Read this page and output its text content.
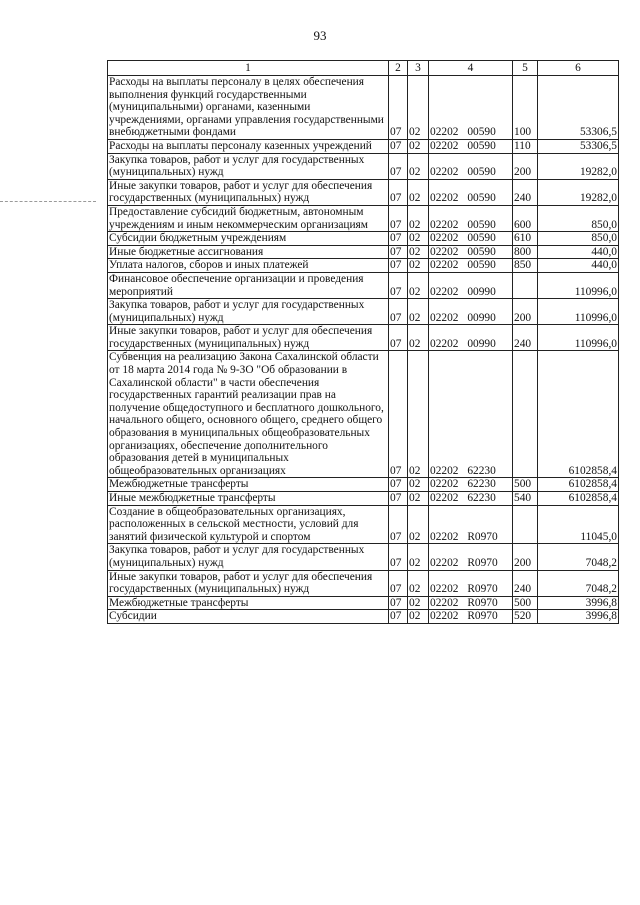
93
1	2	3	4	5	6
Расходы на выплаты персоналу в целях обеспечения выполнения функций государственными (муниципальными) органами, казенными учреждениями, органами управления государственными внебюджетными фондами	07	02	02202 00590	100	53306,5
Расходы на выплаты персоналу казенных учреждений	07	02	02202 00590	110	53306,5
Закупка товаров, работ и услуг для государственных (муниципальных) нужд	07	02	02202 00590	200	19282,0
Иные закупки товаров, работ и услуг для обеспечения государственных (муниципальных) нужд	07	02	02202 00590	240	19282,0
Предоставление субсидий бюджетным, автономным учреждениям и иным некоммерческим организациям	07	02	02202 00590	600	850,0
Субсидии бюджетным учреждениям	07	02	02202 00590	610	850,0
Иные бюджетные ассигнования	07	02	02202 00590	800	440,0
Уплата налогов, сборов и иных платежей	07	02	02202 00590	850	440,0
Финансовое обеспечение организации и проведения мероприятий	07	02	02202 00990		110996,0
Закупка товаров, работ и услуг для государственных (муниципальных) нужд	07	02	02202 00990	200	110996,0
Иные закупки товаров, работ и услуг для обеспечения государственных (муниципальных) нужд	07	02	02202 00990	240	110996,0
Субвенция на реализацию Закона Сахалинской области от 18 марта 2014 года № 9-ЗО "Об образовании в Сахалинской области" в части обеспечения государственных гарантий реализации прав на получение общедоступного и бесплатного дошкольного, начального общего, основного общего, среднего общего образования в муниципальных общеобразовательных организациях, обеспечение дополнительного образования детей в муниципальных общеобразовательных организациях	07	02	02202 62230		6102858,4
Межбюджетные трансферты	07	02	02202 62230	500	6102858,4
Иные межбюджетные трансферты	07	02	02202 62230	540	6102858,4
Создание в общеобразовательных организациях, расположенных в сельской местности, условий для занятий физической культурой и спортом	07	02	02202 R0970		11045,0
Закупка товаров, работ и услуг для государственных (муниципальных) нужд	07	02	02202 R0970	200	7048,2
Иные закупки товаров, работ и услуг для обеспечения государственных (муниципальных) нужд	07	02	02202 R0970	240	7048,2
Межбюджетные трансферты	07	02	02202 R0970	500	3996,8
Субсидии	07	02	02202 R0970	520	3996,8
